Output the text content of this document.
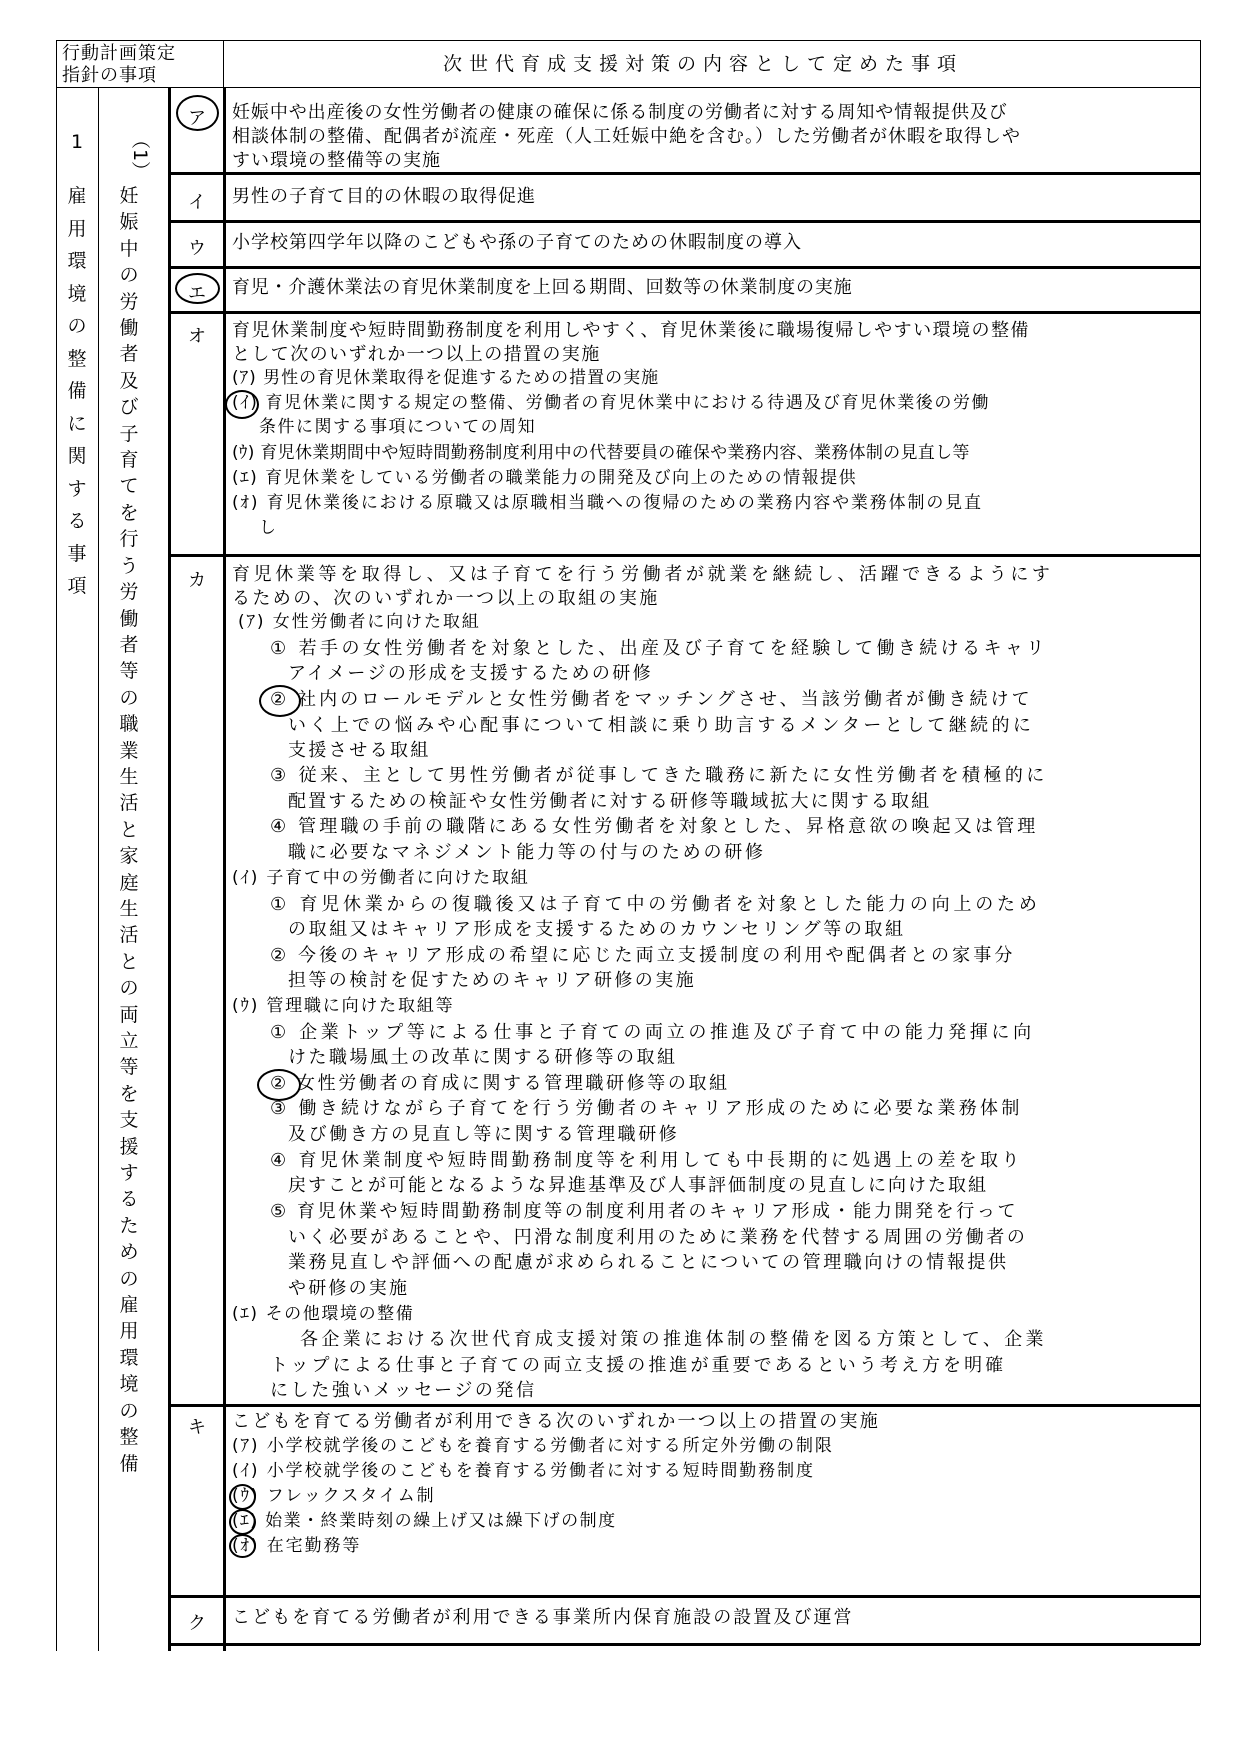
行動計画策定
指針の事項
次世代育成支援対策の内容として定めた事項
1
雇用環境の整備に関する事項

（1）

妊娠中の労働者及び子育てを行う労働者等の職業生活と家庭生活との両立等を支援するための雇用環境の整備
ア
イ
ウ
エ
オ
カ
キ
ク
妊娠中や出産後の女性労働者の健康の確保に係る制度の労働者に対する周知や情報提供及び
相談体制の整備、配偶者が流産・死産（人工妊娠中絶を含む。）した労働者が休暇を取得しや
すい環境の整備等の実施
男性の子育て目的の休暇の取得促進
小学校第四学年以降のこどもや孫の子育てのための休暇制度の導入
育児・介護休業法の育児休業制度を上回る期間、回数等の休業制度の実施
育児休業制度や短時間勤務制度を利用しやすく、育児休業後に職場復帰しやすい環境の整備
として次のいずれか一つ以上の措置の実施
(ｱ) 男性の育児休業取得を促進するための措置の実施
(ｲ) 育児休業に関する規定の整備、労働者の育児休業中における待遇及び育児休業後の労働
条件に関する事項についての周知
(ｳ) 育児休業期間中や短時間勤務制度利用中の代替要員の確保や業務内容、業務体制の見直し等
(ｴ) 育児休業をしている労働者の職業能力の開発及び向上のための情報提供
(ｵ) 育児休業後における原職又は原職相当職への復帰のための業務内容や業務体制の見直
し
育児休業等を取得し、又は子育てを行う労働者が就業を継続し、活躍できるようにす
るための、次のいずれか一つ以上の取組の実施
(ｱ) 女性労働者に向けた取組
① 若手の女性労働者を対象とした、出産及び子育てを経験して働き続けるキャリ
アイメージの形成を支援するための研修
② 社内のロールモデルと女性労働者をマッチングさせ、当該労働者が働き続けて
いく上での悩みや心配事について相談に乗り助言するメンターとして継続的に
支援させる取組
③ 従来、主として男性労働者が従事してきた職務に新たに女性労働者を積極的に
配置するための検証や女性労働者に対する研修等職域拡大に関する取組
④ 管理職の手前の職階にある女性労働者を対象とした、昇格意欲の喚起又は管理
職に必要なマネジメント能力等の付与のための研修
(ｲ) 子育て中の労働者に向けた取組
① 育児休業からの復職後又は子育て中の労働者を対象とした能力の向上のため
の取組又はキャリア形成を支援するためのカウンセリング等の取組
② 今後のキャリア形成の希望に応じた両立支援制度の利用や配偶者との家事分
担等の検討を促すためのキャリア研修の実施
(ｳ) 管理職に向けた取組等
① 企業トップ等による仕事と子育ての両立の推進及び子育て中の能力発揮に向
けた職場風土の改革に関する研修等の取組
② 女性労働者の育成に関する管理職研修等の取組
③ 働き続けながら子育てを行う労働者のキャリア形成のために必要な業務体制
及び働き方の見直し等に関する管理職研修
④ 育児休業制度や短時間勤務制度等を利用しても中長期的に処遇上の差を取り
戻すことが可能となるような昇進基準及び人事評価制度の見直しに向けた取組
⑤ 育児休業や短時間勤務制度等の制度利用者のキャリア形成・能力開発を行って
いく必要があることや、円滑な制度利用のために業務を代替する周囲の労働者の
業務見直しや評価への配慮が求められることについての管理職向けの情報提供
や研修の実施
(ｴ) その他環境の整備
各企業における次世代育成支援対策の推進体制の整備を図る方策として、企業
トップによる仕事と子育ての両立支援の推進が重要であるという考え方を明確
にした強いメッセージの発信
こどもを育てる労働者が利用できる次のいずれか一つ以上の措置の実施
(ｱ) 小学校就学後のこどもを養育する労働者に対する所定外労働の制限
(ｲ) 小学校就学後のこどもを養育する労働者に対する短時間勤務制度
(ｳ) フレックスタイム制
(ｴ) 始業・終業時刻の繰上げ又は繰下げの制度
(ｵ) 在宅勤務等
こどもを育てる労働者が利用できる事業所内保育施設の設置及び運営
